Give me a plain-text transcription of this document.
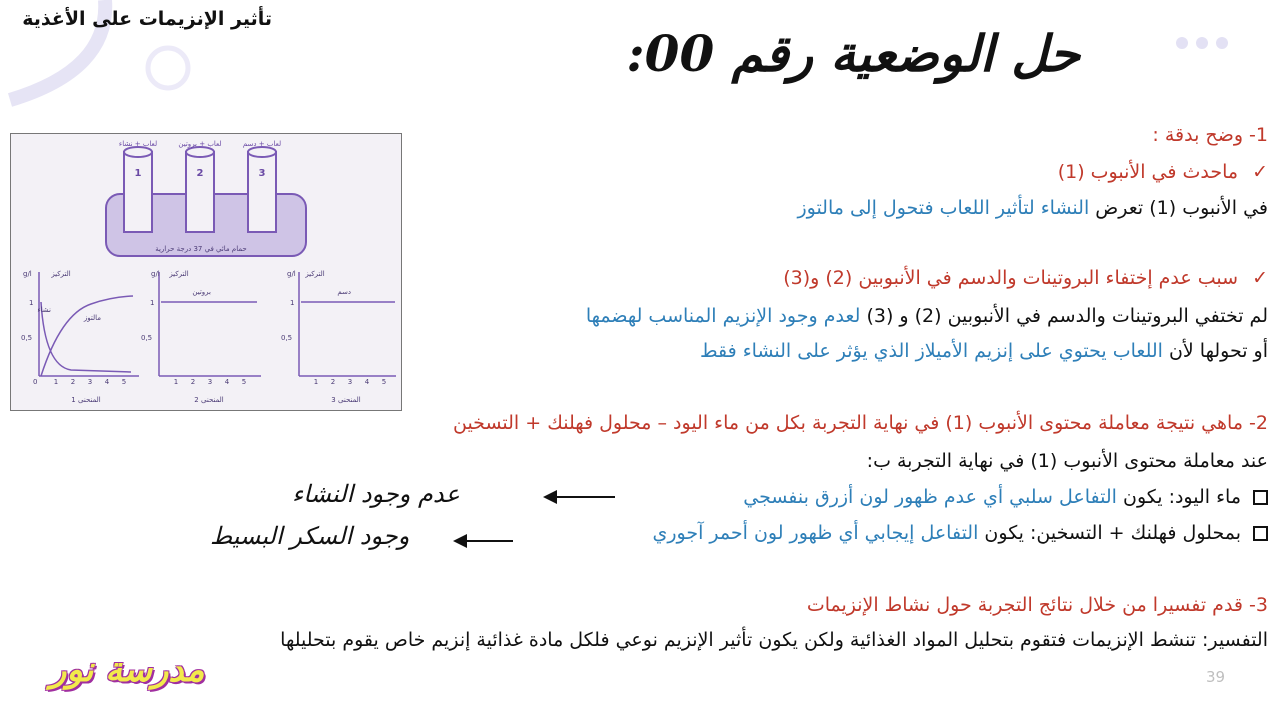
تأثير الإنزيمات على الأغذية
حل الوضعية رقم 00:
لعاب + نشاء	لعاب + بروتين	لعاب + دسم
1	2	3
حمام مائي في 37 درجة حرارية
g/l	التركيز	g/l التركيز	g/l التركيز
1
0,5
0
1
0,5
1
0,5
1 2 3 4 5	1 2 3 4 5	1 2 3 4 5
نشاء
مالتوز
بروتين	دسم
المنحنى 1	المنحنى 2	المنحنى 3
1- وضح بدقة :
✓ماحدث في الأنبوب (1)
في الأنبوب (1) تعرض النشاء لتأثير اللعاب فتحول إلى مالتوز
✓سبب عدم إختفاء البروتينات والدسم في الأنبوبين (2) و(3)
لم تختفي البروتينات والدسم في الأنبوبين (2) و (3) لعدم وجود الإنزيم المناسب لهضمها
أو تحولها لأن اللعاب يحتوي على إنزيم الأميلاز الذي يؤثر على النشاء فقط
2- ماهي نتيجة معاملة محتوى الأنبوب (1) في نهاية التجربة بكل من ماء اليود – محلول فهلنك + التسخين
عند معاملة محتوى الأنبوب (1) في نهاية التجربة ب:
ماء اليود: يكون التفاعل سلبي أي عدم ظهور لون أزرق بنفسجي
بمحلول فهلنك + التسخين: يكون التفاعل إيجابي أي ظهور لون أحمر آجوري
عدم وجود النشاء
وجود السكر البسيط
3- قدم تفسيرا من خلال نتائج التجربة حول نشاط الإنزيمات
التفسير: تنشط الإنزيمات فتقوم بتحليل المواد الغذائية ولكن يكون تأثير الإنزيم نوعي فلكل مادة غذائية إنزيم خاص يقوم بتحليلها
39
مدرسة نور
